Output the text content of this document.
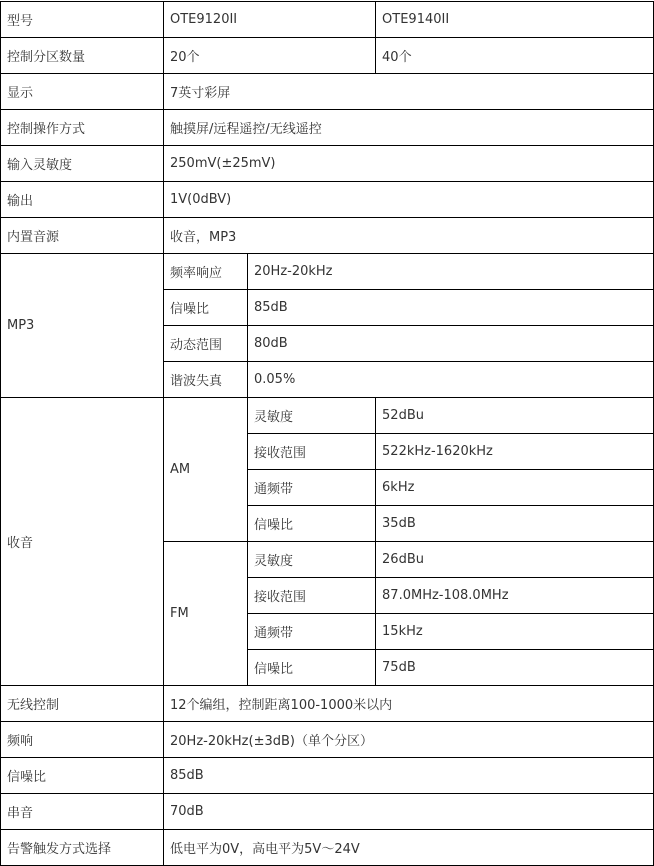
型号	OTE9120II		OTE9140II
控制分区数量	20个		40个
显示	7英寸彩屏		
控制操作方式	触摸屏/远程遥控/无线遥控		
输入灵敏度	250mV(±25mV)		
输出	1V(0dBV)		
内置音源	收音，MP3		
MP3	频率响应	20Hz-20kHz	
	信噪比	85dB	
	动态范围	80dB	
	谐波失真	0.05%	
收音	AM	灵敏度	52dBu
		接收范围	522kHz-1620kHz
		通频带	6kHz
		信噪比	35dB
	FM	灵敏度	26dBu
		接收范围	87.0MHz-108.0MHz
		通频带	15kHz
		信噪比	75dB
无线控制	12个编组，控制距离100-1000米以内		
频响	20Hz-20kHz(±3dB)（单个分区）		
信噪比	85dB		
串音	70dB		
告警触发方式选择	低电平为0V，高电平为5V～24V		
